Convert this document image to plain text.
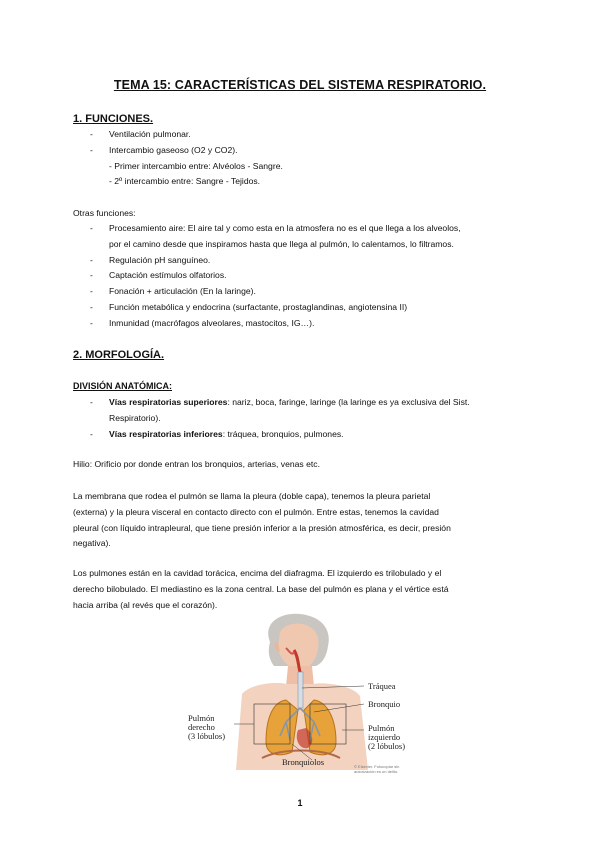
TEMA 15: CARACTERÍSTICAS DEL SISTEMA RESPIRATORIO.
1. FUNCIONES.
- Ventilación pulmonar.
- Intercambio gaseoso (O2 y CO2).
- Primer intercambio entre: Alvéolos - Sangre.
- 2º intercambio entre: Sangre - Tejidos.
Otras funciones:
- Procesamiento aire: El aire tal y como esta en la atmosfera no es el que llega a los alveolos,
por el camino desde que inspiramos hasta que llega al pulmón, lo calentamos, lo filtramos.
- Regulación pH sanguíneo.
- Captación estímulos olfatorios.
- Fonación + articulación (En la laringe).
- Función metabólica y endocrina (surfactante, prostaglandinas, angiotensina II)
- Inmunidad (macrófagos alveolares, mastocitos, IG…).
2. MORFOLOGÍA.
DIVISIÓN ANATÓMICA:
- Vías respiratorias superiores: nariz, boca, faringe, laringe (la laringe es ya exclusiva del Sist.
Respiratorio).
- Vías respiratorias inferiores: tráquea, bronquios, pulmones.
Hilio: Orificio por donde entran los bronquios, arterias, venas etc.
La membrana que rodea el pulmón se llama la pleura (doble capa), tenemos la pleura parietal
(externa) y la pleura visceral en contacto directo con el pulmón. Entre estas, tenemos la cavidad
pleural (con líquido intrapleural, que tiene presión inferior a la presión atmosférica, es decir, presión
negativa).
Los pulmones están en la cavidad torácica, encima del diafragma. El izquierdo es trilobulado y el
derecho bilobulado. El mediastino es la zona central. La base del pulmón es plana y el vértice está
hacia arriba (al revés que el corazón).
Tráquea
Bronquio
Pulmón
izquierdo
(2 lóbulos)
Pulmón
derecho
(3 lóbulos)
Bronquiolos	© Elsevier. Fotocopiar sin autorización es un delito.
1
